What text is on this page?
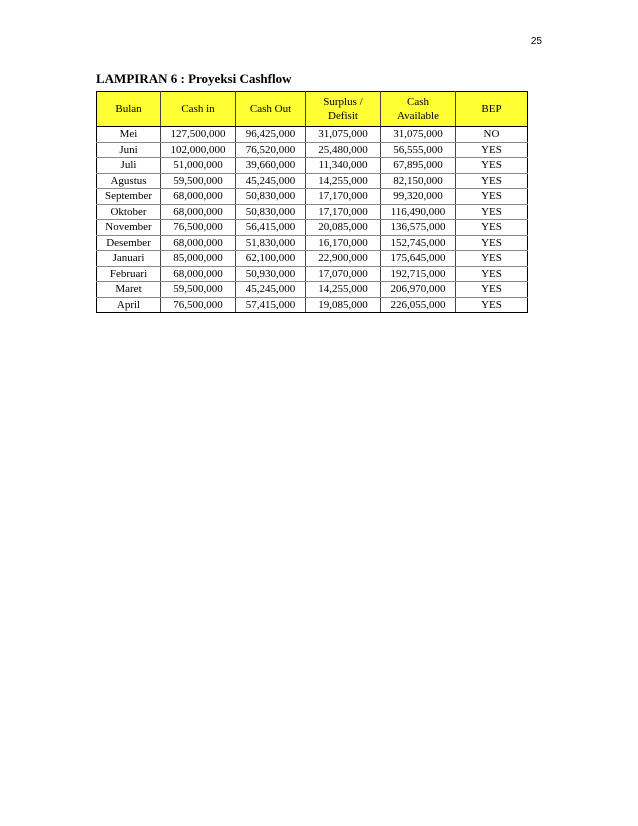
25
LAMPIRAN 6 : Proyeksi Cashflow
Bulan	Cash in	Cash Out	Surplus / Defisit	Cash Available	BEP
Mei	127,500,000	96,425,000	31,075,000	31,075,000	NO
Juni	102,000,000	76,520,000	25,480,000	56,555,000	YES
Juli	51,000,000	39,660,000	11,340,000	67,895,000	YES
Agustus	59,500,000	45,245,000	14,255,000	82,150,000	YES
September	68,000,000	50,830,000	17,170,000	99,320,000	YES
Oktober	68,000,000	50,830,000	17,170,000	116,490,000	YES
November	76,500,000	56,415,000	20,085,000	136,575,000	YES
Desember	68,000,000	51,830,000	16,170,000	152,745,000	YES
Januari	85,000,000	62,100,000	22,900,000	175,645,000	YES
Februari	68,000,000	50,930,000	17,070,000	192,715,000	YES
Maret	59,500,000	45,245,000	14,255,000	206,970,000	YES
April	76,500,000	57,415,000	19,085,000	226,055,000	YES
